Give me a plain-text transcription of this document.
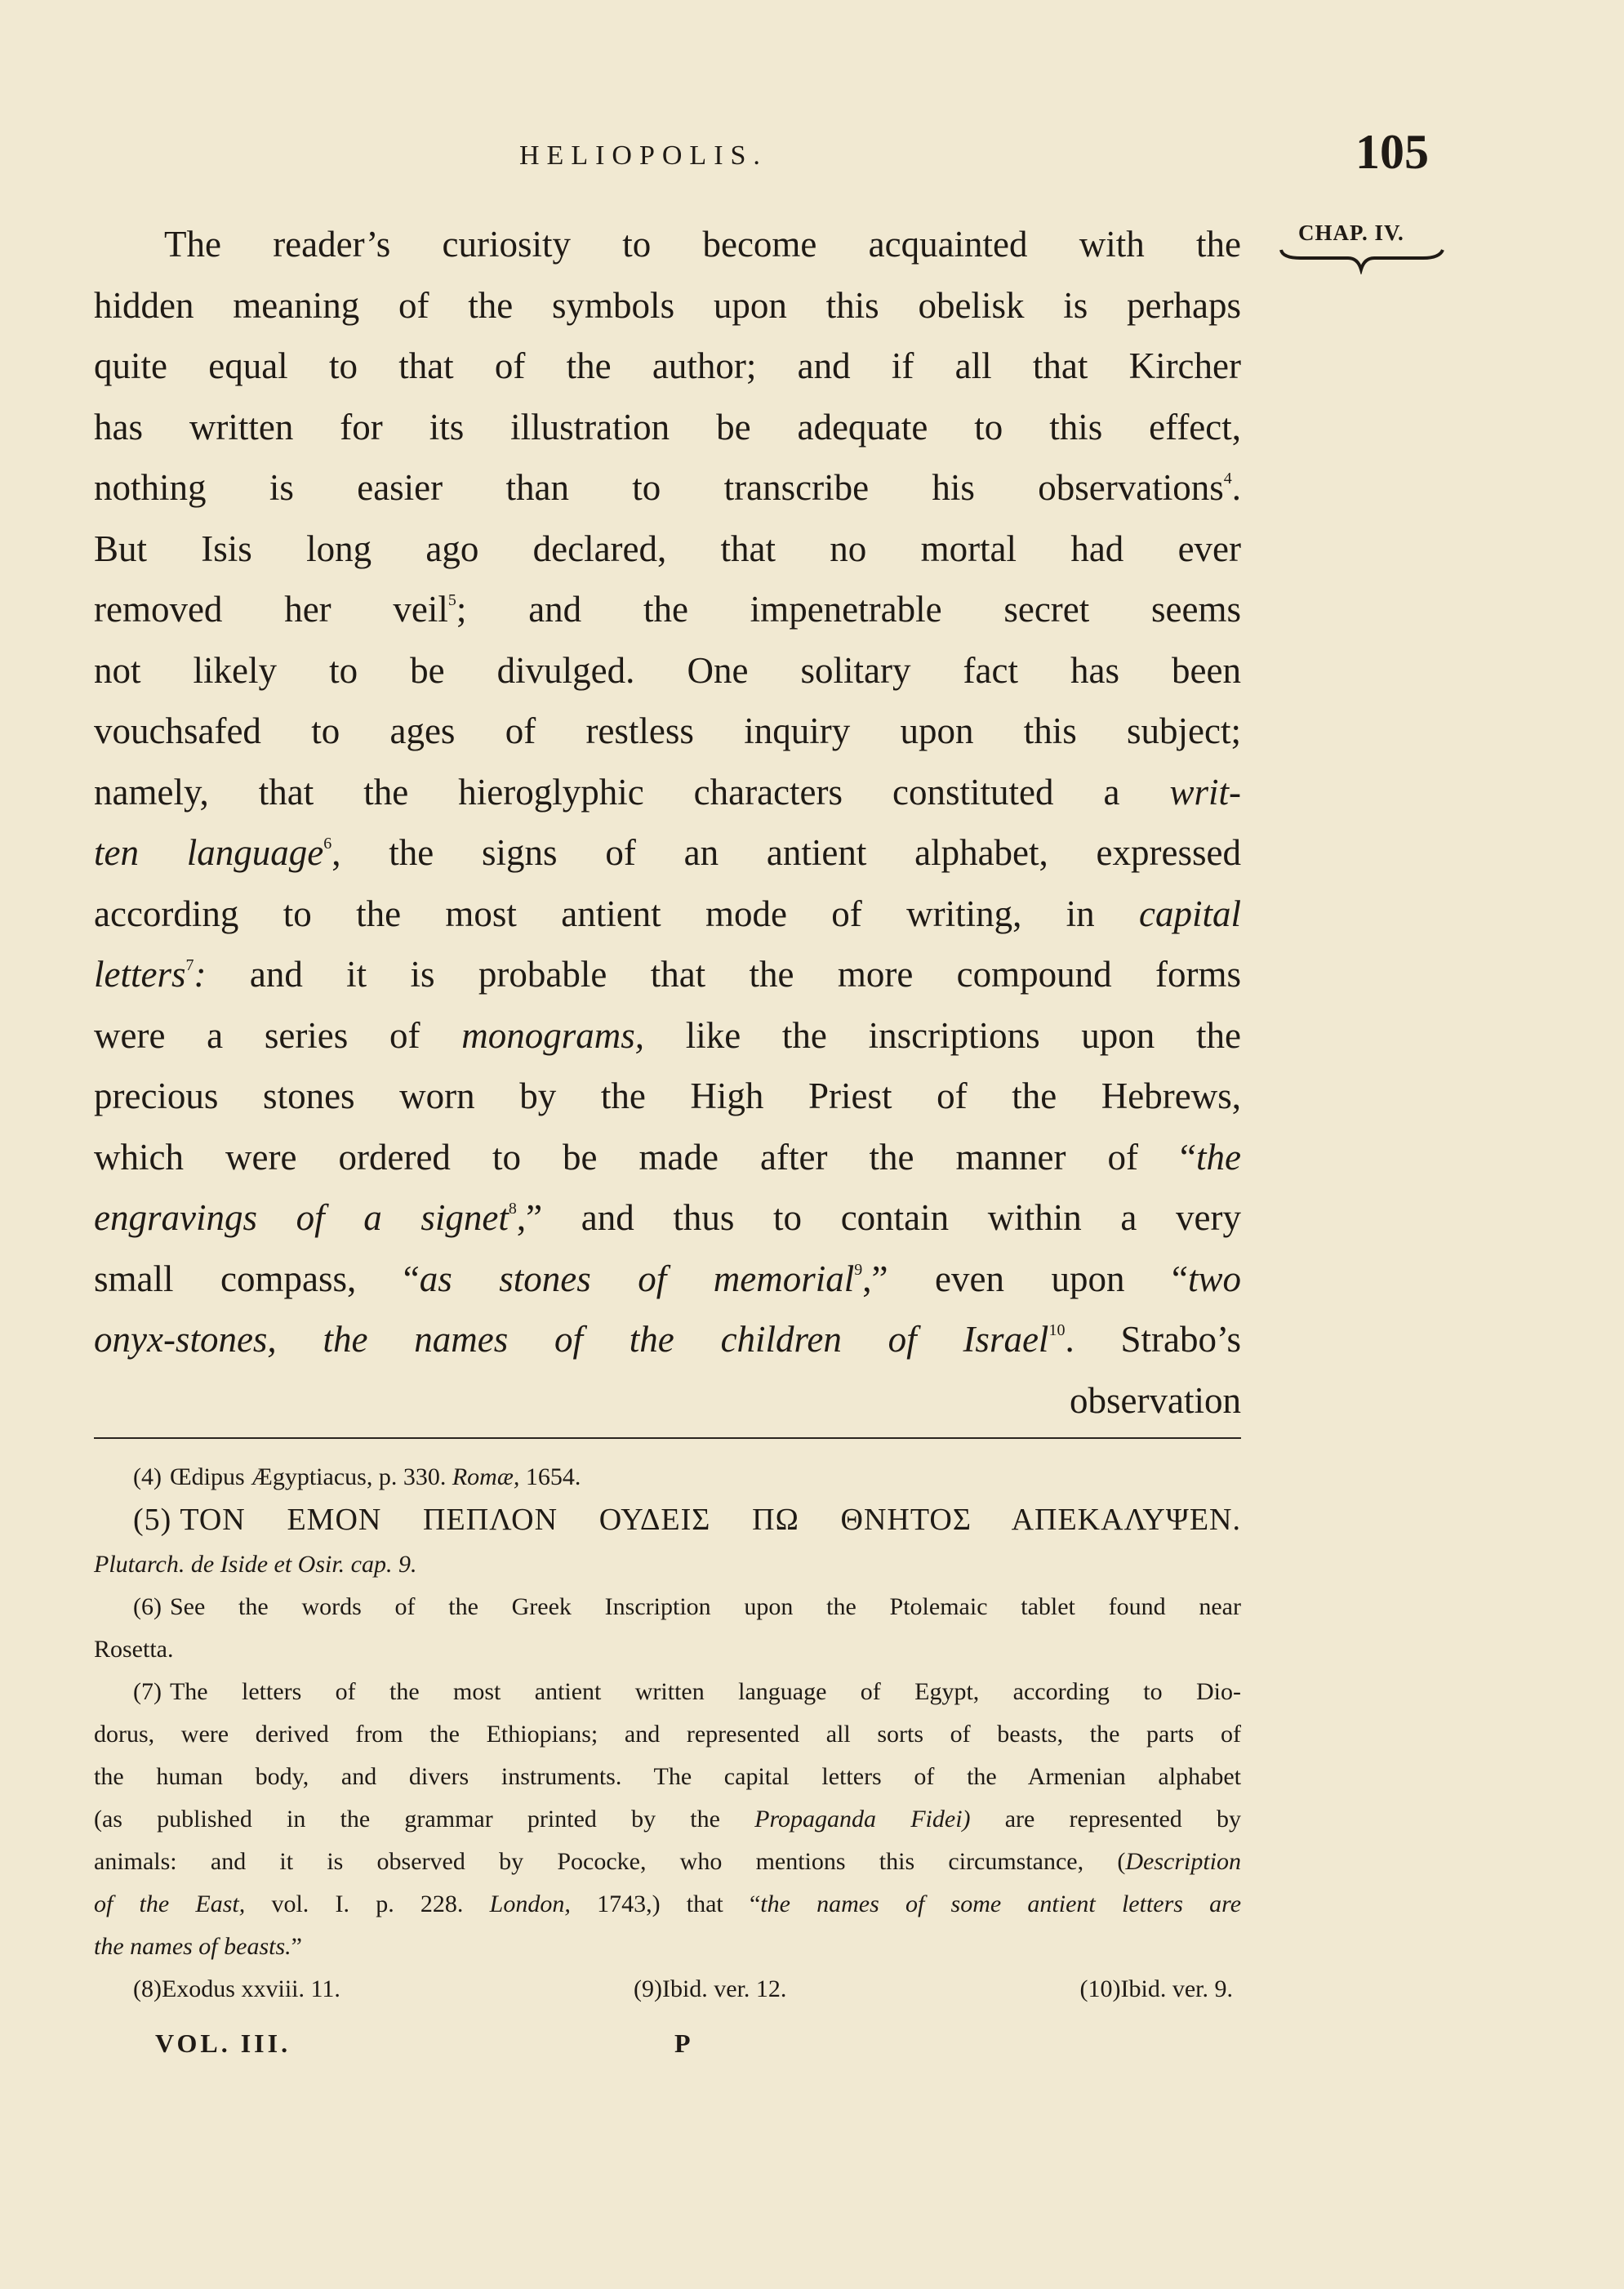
HELIOPOLIS.	105
CHAP. IV.
The reader’s curiosity to become acquainted with the
hidden meaning of the symbols upon this obelisk is perhaps
quite equal to that of the author; and if all that Kircher
has written for its illustration be adequate to this effect,
nothing is easier than to transcribe his observations$^4$.
But Isis long ago declared, that no mortal had ever
removed her veil$^5$; and the impenetrable secret seems
not likely to be divulged. One solitary fact has been
vouchsafed to ages of restless inquiry upon this subject;
namely, that the hieroglyphic characters constituted a writ-
ten language$^6$, the signs of an antient alphabet, expressed
according to the most antient mode of writing, in capital
letters$^7$: and it is probable that the more compound forms
were a series of monograms, like the inscriptions upon the
precious stones worn by the High Priest of the Hebrews,
which were ordered to be made after the manner of “the
engravings of a signet$^8$,” and thus to contain within a very
small compass, “as stones of memorial$^9$,” even upon “two
onyx-stones, the names of the children of Israel$^{10}$. Strabo’s
observation
(4) Œdipus Ægyptiacus, p. 330. Romæ, 1654.
(5) ΤΟΝ ΕΜΟΝ ΠΕΠΛΟΝ ΟΥΔΕΙΣ ΠΩ ΘΝΗΤΟΣ ΑΠΕΚΑΛΥΨΕΝ.
Plutarch. de Iside et Osir. cap. 9.
(6) See the words of the Greek Inscription upon the Ptolemaic tablet found near
Rosetta.
(7) The letters of the most antient written language of Egypt, according to Dio-
dorus, were derived from the Ethiopians; and represented all sorts of beasts, the parts of
the human body, and divers instruments. The capital letters of the Armenian alphabet
(as published in the grammar printed by the Propaganda Fidei) are represented by
animals: and it is observed by Pococke, who mentions this circumstance, (Description
of the East, vol. I. p. 228. London, 1743,) that “the names of some antient letters are
the names of beasts.”
(8)Exodus xxviii. 11.	(9)Ibid. ver. 12.	(10)Ibid. ver. 9.
VOL. III.	P
